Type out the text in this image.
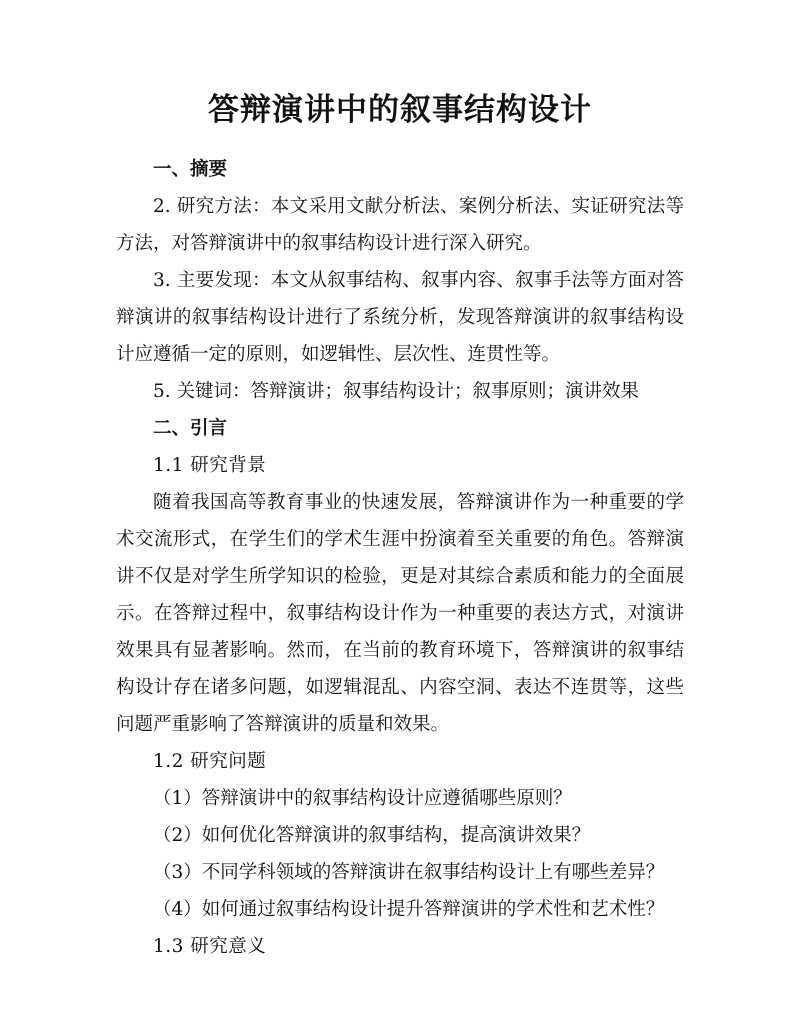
答辩演讲中的叙事结构设计

一、摘要

2. 研究方法：本文采用文献分析法、案例分析法、实证研究法等方法，对答辩演讲中的叙事结构设计进行深入研究。

3. 主要发现：本文从叙事结构、叙事内容、叙事手法等方面对答辩演讲的叙事结构设计进行了系统分析，发现答辩演讲的叙事结构设计应遵循一定的原则，如逻辑性、层次性、连贯性等。

5. 关键词：答辩演讲；叙事结构设计；叙事原则；演讲效果

二、引言

1.1 研究背景

随着我国高等教育事业的快速发展，答辩演讲作为一种重要的学术交流形式，在学生们的学术生涯中扮演着至关重要的角色。答辩演讲不仅是对学生所学知识的检验，更是对其综合素质和能力的全面展示。在答辩过程中，叙事结构设计作为一种重要的表达方式，对演讲效果具有显著影响。然而，在当前的教育环境下，答辩演讲的叙事结构设计存在诸多问题，如逻辑混乱、内容空洞、表达不连贯等，这些问题严重影响了答辩演讲的质量和效果。

1.2 研究问题

（1）答辩演讲中的叙事结构设计应遵循哪些原则？

（2）如何优化答辩演讲的叙事结构，提高演讲效果？

（3）不同学科领域的答辩演讲在叙事结构设计上有哪些差异？

（4）如何通过叙事结构设计提升答辩演讲的学术性和艺术性？

1.3 研究意义
